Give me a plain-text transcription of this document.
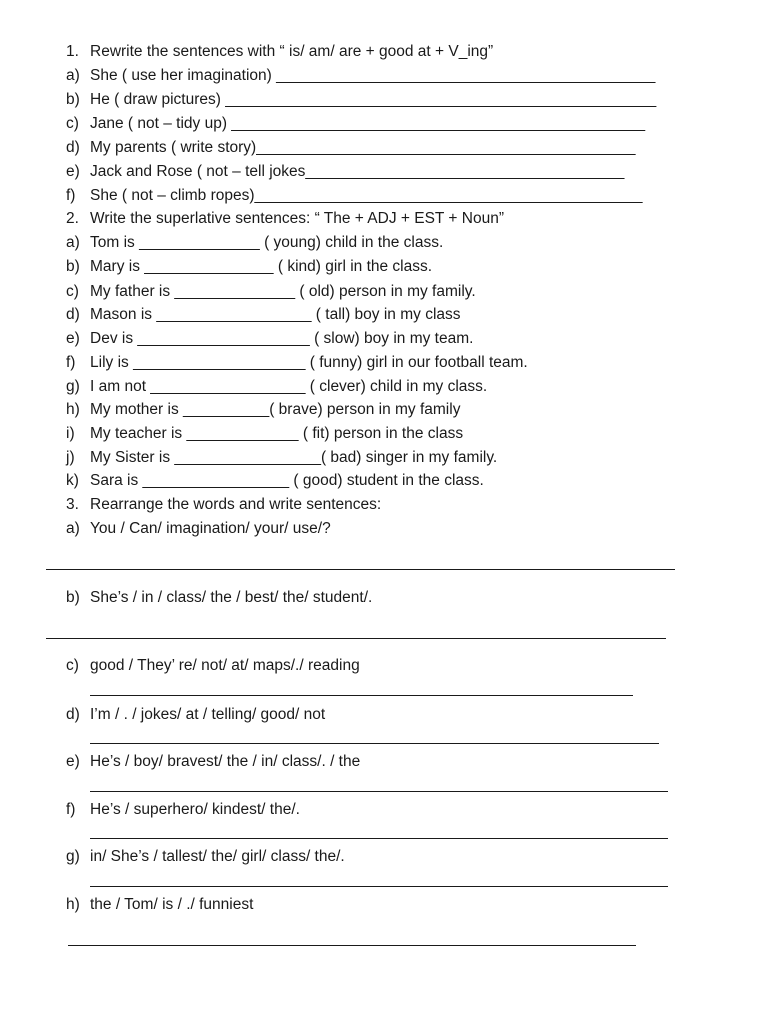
1. Rewrite the sentences with “ is/ am/ are + good at + V_ing”
a) She ( use her imagination) ____________________________________________
b) He ( draw pictures) __________________________________________________
c) Jane ( not – tidy up) ________________________________________________
d) My parents ( write story)____________________________________________
e) Jack and Rose ( not – tell jokes_____________________________________
f) She ( not – climb ropes)_____________________________________________
2. Write the superlative sentences: “ The + ADJ + EST + Noun”
a) Tom is ______________ ( young) child in the class.
b) Mary is _______________ ( kind) girl in the class.
c) My father is ______________ ( old) person in my family.
d) Mason is __________________ ( tall) boy in my class
e) Dev is ____________________ ( slow) boy in my team.
f) Lily is ____________________ ( funny) girl in our football team.
g) I am not __________________ ( clever) child in my class.
h) My mother is __________( brave) person in my family
i) My teacher is _____________ ( fit) person in the class
j) My Sister is _________________( bad) singer in my family.
k) Sara is _________________ ( good) student in the class.
3. Rearrange the words and write sentences:
a) You / Can/ imagination/ your/ use/?
b) She’s / in / class/ the / best/ the/ student/.
c) good / They’ re/ not/ at/ maps/./ reading
d) I’m / . / jokes/ at / telling/ good/ not
e) He’s / boy/ bravest/ the / in/ class/. / the
f) He’s / superhero/ kindest/ the/.
g) in/ She’s / tallest/ the/ girl/ class/ the/.
h) the / Tom/ is / ./ funniest
